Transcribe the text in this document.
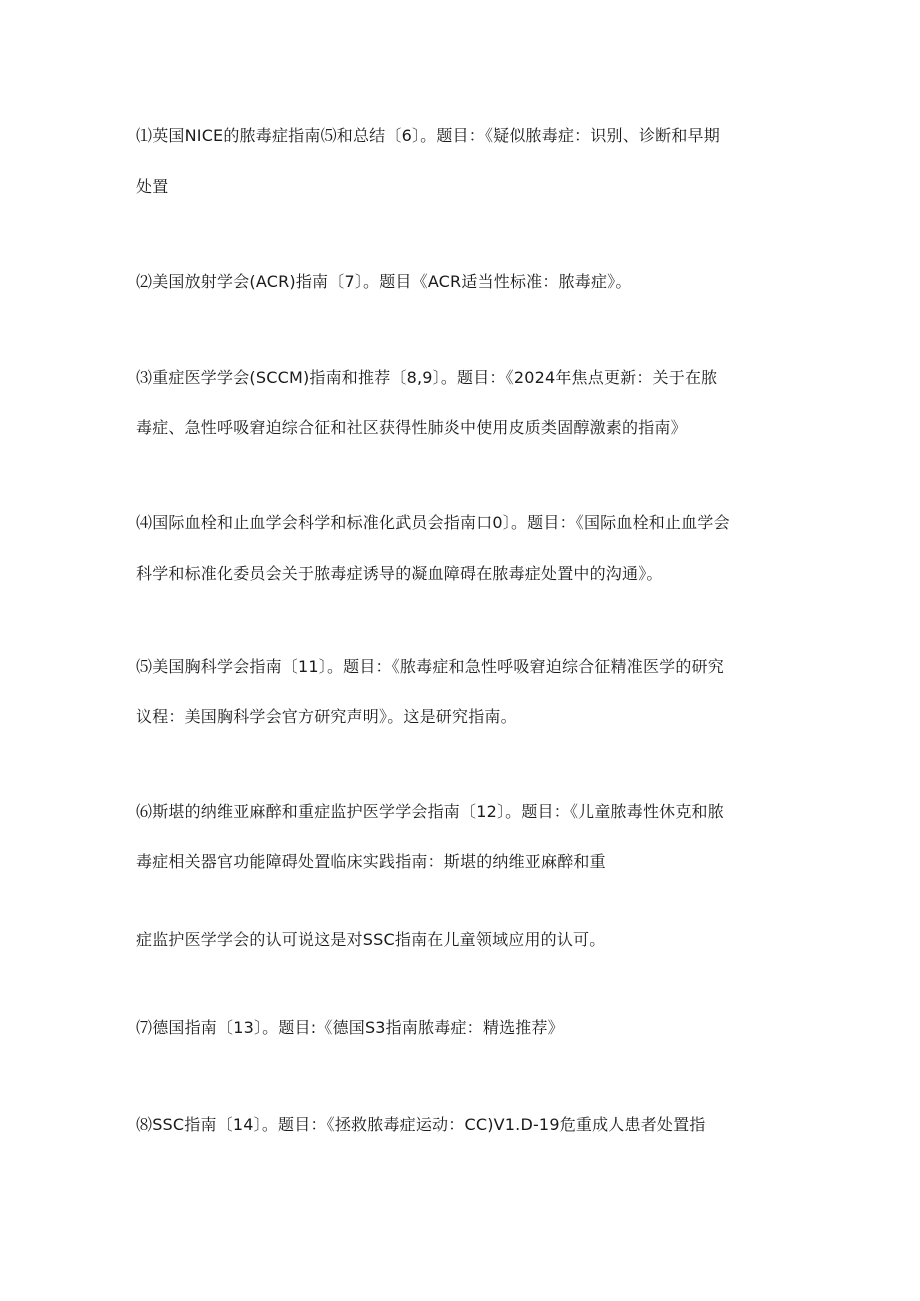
⑴英国NICE的脓毒症指南⑸和总结〔6〕。题目：《疑似脓毒症：识别、诊断和早期
处置
⑵美国放射学会(ACR)指南〔7〕。题目《ACR适当性标准：脓毒症》。
⑶重症医学学会(SCCM)指南和推荐〔8,9〕。题目：《2024年焦点更新：关于在脓
毒症、急性呼吸窘迫综合征和社区获得性肺炎中使用皮质类固醇激素的指南》
⑷国际血栓和止血学会科学和标准化武员会指南口0〕。题目：《国际血栓和止血学会
科学和标准化委员会关于脓毒症诱导的凝血障碍在脓毒症处置中的沟通》。
⑸美国胸科学会指南〔11〕。题目：《脓毒症和急性呼吸窘迫综合征精准医学的研究
议程：美国胸科学会官方研究声明》。这是研究指南。
⑹斯堪的纳维亚麻醉和重症监护医学学会指南〔12〕。题目：《儿童脓毒性休克和脓
毒症相关器官功能障碍处置临床实践指南：斯堪的纳维亚麻醉和重
症监护医学学会的认可说这是对SSC指南在儿童领域应用的认可。
⑺德国指南〔13〕。题目:《德国S3指南脓毒症：精选推荐》
⑻SSC指南〔14〕。题目：《拯救脓毒症运动：CC)V1.D-19危重成人患者处置指
